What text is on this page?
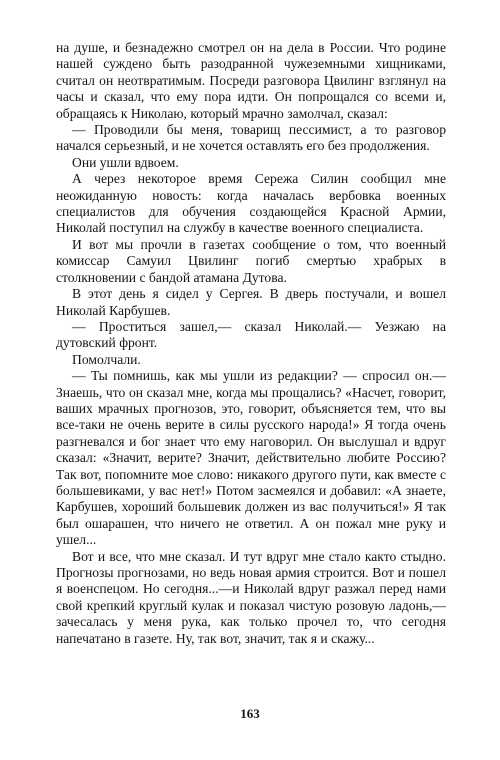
на душе, и безнадежно смотрел он на дела в России. Что родине нашей суждено быть разодранной чужеземными хищниками, считал он неотвратимым. Посреди разговора Цвилинг взглянул на часы и сказал, что ему пора идти. Он попрощался со всеми и, обращаясь к Николаю, который мрачно замолчал, сказал:

— Проводили бы меня, товарищ пессимист, а то разговор начался серьезный, и не хочется оставлять его без продолжения.

Они ушли вдвоем.

А через некоторое время Сережа Силин сообщил мне неожиданную новость: когда началась вербовка военных специалистов для обучения создающейся Красной Армии, Николай поступил на службу в качестве военного специалиста.

И вот мы прочли в газетах сообщение о том, что военный комиссар Самуил Цвилинг погиб смертью храбрых в столкновении с бандой атамана Дутова.

В этот день я сидел у Сергея. В дверь постучали, и вошел Николай Карбушев.

— Проститься зашел,— сказал Николай.— Уезжаю на дутовский фронт.

Помолчали.

— Ты помнишь, как мы ушли из редакции? — спросил он.— Знаешь, что он сказал мне, когда мы прощались? «Насчет, говорит, ваших мрачных прогнозов, это, говорит, объясняется тем, что вы все-таки не очень верите в силы русского народа!» Я тогда очень разгневался и бог знает что ему наговорил. Он выслушал и вдруг сказал: «Значит, верите? Значит, действительно любите Россию? Так вот, попомните мое слово: никакого другого пути, как вместе с большевиками, у вас нет!» Потом засмеялся и добавил: «А знаете, Карбушев, хороший большевик должен из вас получиться!» Я так был ошарашен, что ничего не ответил. А он пожал мне руку и ушел...

Вот и все, что мне сказал. И тут вдруг мне стало както стыдно. Прогнозы прогнозами, но ведь новая армия строится. Вот и пошел я военспецом. Но сегодня...—и Николай вдруг разжал перед нами свой крепкий круглый кулак и показал чистую розовую ладонь,— зачесалась у меня рука, как только прочел то, что сегодня напечатано в газете. Ну, так вот, значит, так я и скажу...

163
